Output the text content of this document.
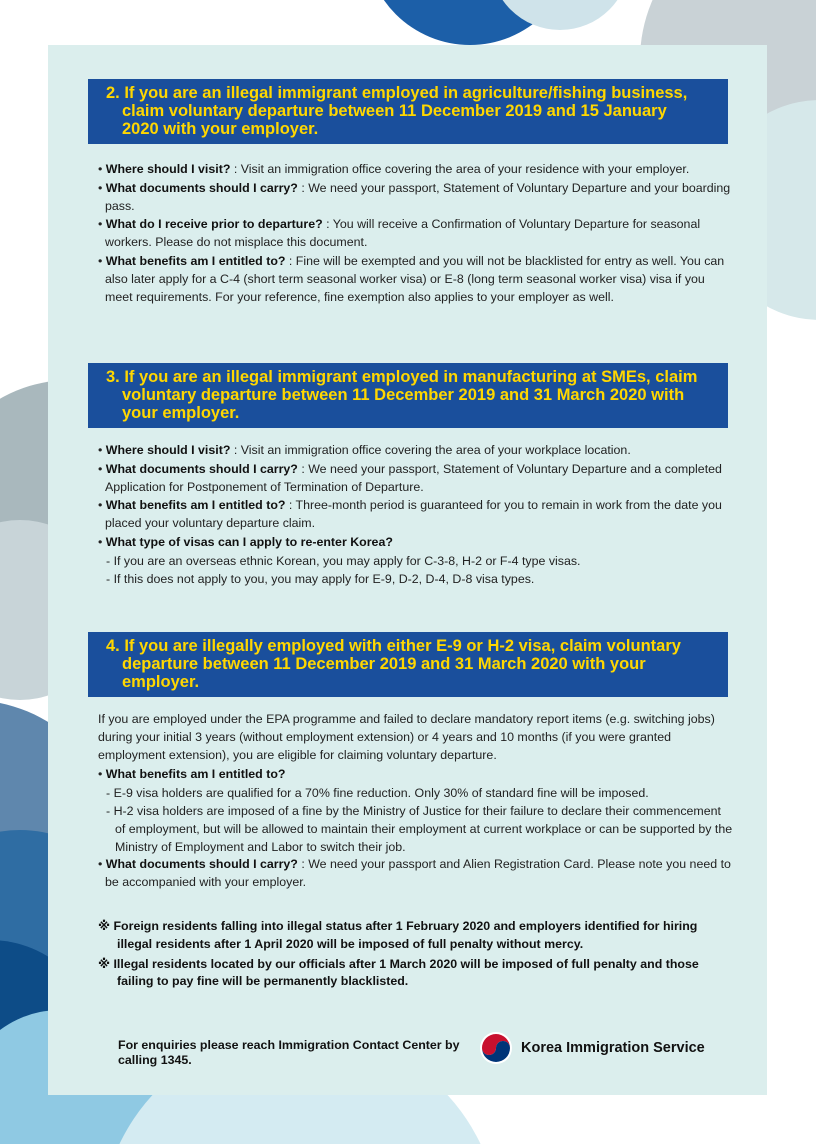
2. If you are an illegal immigrant employed in agriculture/fishing business,
claim voluntary departure between 11 December 2019 and 15 January
2020 with your employer.
• Where should I visit? : Visit an immigration office covering the area of your residence with your employer.
• What documents should I carry? : We need your passport, Statement of Voluntary Departure and your boarding pass.
• What do I receive prior to departure? : You will receive a Confirmation of Voluntary Departure for seasonal workers. Please do not misplace this document.
• What benefits am I entitled to? : Fine will be exempted and you will not be blacklisted for entry as well. You can also later apply for a C-4 (short term seasonal worker visa) or E-8 (long term seasonal worker visa) visa if you meet requirements. For your reference, fine exemption also applies to your employer as well.
3. If you are an illegal immigrant employed in manufacturing at SMEs, claim
voluntary departure between 11 December 2019 and 31 March 2020 with
your employer.
• Where should I visit? : Visit an immigration office covering the area of your workplace location.
• What documents should I carry? : We need your passport, Statement of Voluntary Departure and a completed Application for Postponement of Termination of Departure.
• What benefits am I entitled to? : Three-month period is guaranteed for you to remain in work from the date you placed your voluntary departure claim.
• What type of visas can I apply to re-enter Korea?
- If you are an overseas ethnic Korean, you may apply for C-3-8, H-2 or F-4 type visas.
- If this does not apply to you, you may apply for E-9, D-2, D-4, D-8 visa types.
4. If you are illegally employed with either E-9 or H-2 visa, claim voluntary
departure between 11 December 2019 and 31 March 2020 with your
employer.
If you are employed under the EPA programme and failed to declare mandatory report items (e.g. switching jobs) during your initial 3 years (without employment extension) or 4 years and 10 months (if you were granted employment extension), you are eligible for claiming voluntary departure.
• What benefits am I entitled to?
- E-9 visa holders are qualified for a 70% fine reduction. Only 30% of standard fine will be imposed.
- H-2 visa holders are imposed of a fine by the Ministry of Justice for their failure to declare their commencement of employment, but will be allowed to maintain their employment at current workplace or can be supported by the Ministry of Employment and Labor to switch their job.
• What documents should I carry? : We need your passport and Alien Registration Card. Please note you need to be accompanied with your employer.
※ Foreign residents falling into illegal status after 1 February 2020 and employers identified for hiring illegal residents after 1 April 2020 will be imposed of full penalty without mercy.
※ Illegal residents located by our officials after 1 March 2020 will be imposed of full penalty and those failing to pay fine will be permanently blacklisted.
For enquiries please reach Immigration Contact Center by calling 1345.
Korea Immigration Service
